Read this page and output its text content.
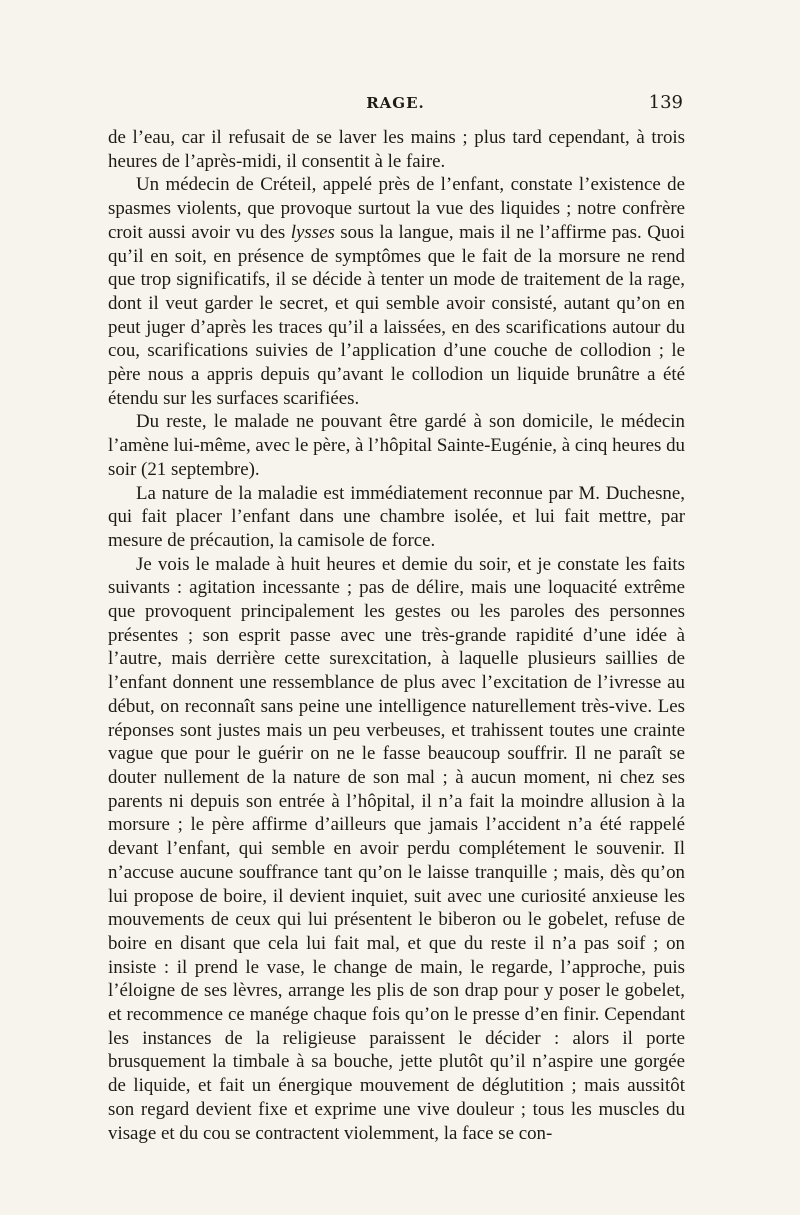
RAGE.	139

de l’eau, car il refusait de se laver les mains ; plus tard cependant, à trois heures de l’après-midi, il consentit à le faire.

Un médecin de Créteil, appelé près de l’enfant, constate l’existence de spasmes violents, que provoque surtout la vue des liquides ; notre confrère croit aussi avoir vu des lysses sous la langue, mais il ne l’affirme pas. Quoi qu’il en soit, en présence de symptômes que le fait de la morsure ne rend que trop significatifs, il se décide à tenter un mode de traitement de la rage, dont il veut garder le secret, et qui semble avoir consisté, autant qu’on en peut juger d’après les traces qu’il a laissées, en des scarifications autour du cou, scarifications suivies de l’application d’une couche de collodion ; le père nous a appris depuis qu’avant le collodion un liquide brunâtre a été étendu sur les surfaces scarifiées.

Du reste, le malade ne pouvant être gardé à son domicile, le médecin l’amène lui-même, avec le père, à l’hôpital Sainte-Eugénie, à cinq heures du soir (21 septembre).

La nature de la maladie est immédiatement reconnue par M. Duchesne, qui fait placer l’enfant dans une chambre isolée, et lui fait mettre, par mesure de précaution, la camisole de force.

Je vois le malade à huit heures et demie du soir, et je constate les faits suivants : agitation incessante ; pas de délire, mais une loquacité extrême que provoquent principalement les gestes ou les paroles des personnes présentes ; son esprit passe avec une très-grande rapidité d’une idée à l’autre, mais derrière cette surexcitation, à laquelle plusieurs saillies de l’enfant donnent une ressemblance de plus avec l’excitation de l’ivresse au début, on reconnaît sans peine une intelligence naturellement très-vive. Les réponses sont justes mais un peu verbeuses, et trahissent toutes une crainte vague que pour le guérir on ne le fasse beaucoup souffrir. Il ne paraît se douter nullement de la nature de son mal ; à aucun moment, ni chez ses parents ni depuis son entrée à l’hôpital, il n’a fait la moindre allusion à la morsure ; le père affirme d’ailleurs que jamais l’accident n’a été rappelé devant l’enfant, qui semble en avoir perdu complétement le souvenir. Il n’accuse aucune souffrance tant qu’on le laisse tranquille ; mais, dès qu’on lui propose de boire, il devient inquiet, suit avec une curiosité anxieuse les mouvements de ceux qui lui présentent le biberon ou le gobelet, refuse de boire en disant que cela lui fait mal, et que du reste il n’a pas soif ; on insiste : il prend le vase, le change de main, le regarde, l’approche, puis l’éloigne de ses lèvres, arrange les plis de son drap pour y poser le gobelet, et recommence ce manége chaque fois qu’on le presse d’en finir. Cependant les instances de la religieuse paraissent le décider : alors il porte brusquement la timbale à sa bouche, jette plutôt qu’il n’aspire une gorgée de liquide, et fait un énergique mouvement de déglutition ; mais aussitôt son regard devient fixe et exprime une vive douleur ; tous les muscles du visage et du cou se contractent violemment, la face se con-
